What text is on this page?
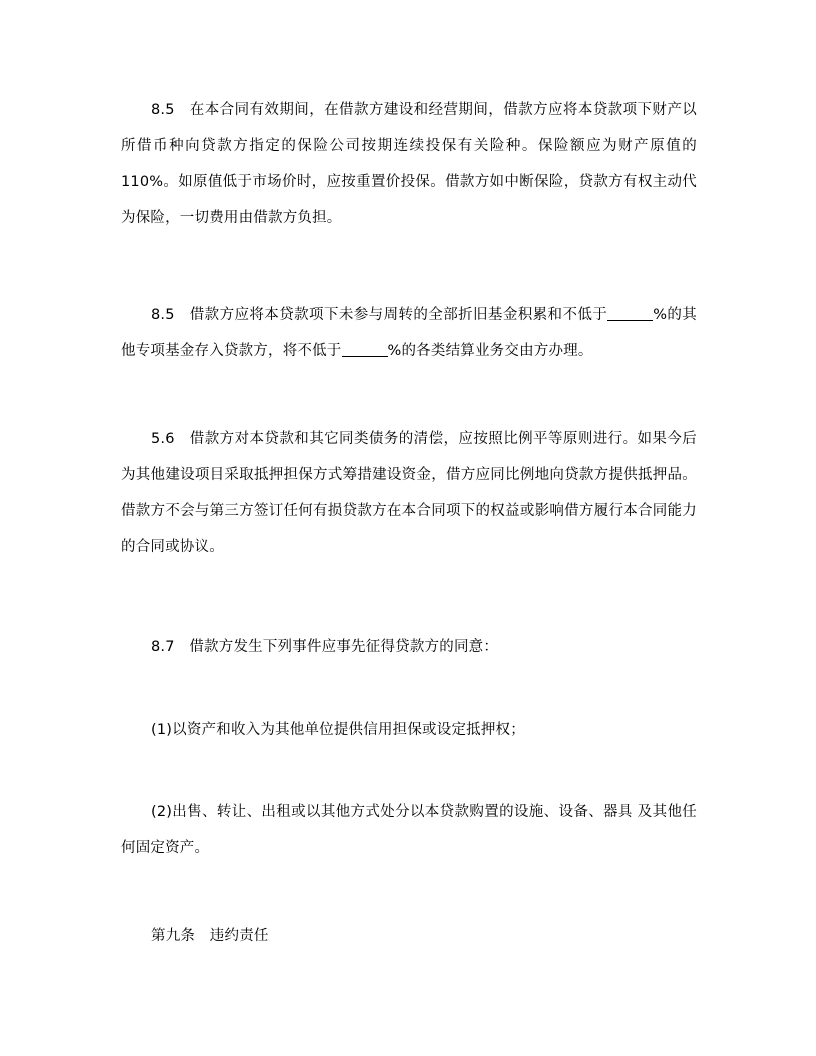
8.5　在本合同有效期间，在借款方建设和经营期间，借款方应将本贷款项下财产以所借币种向贷款方指定的保险公司按期连续投保有关险种。保险额应为财产原值的110%。如原值低于市场价时，应按重置价投保。借款方如中断保险，贷款方有权主动代为保险，一切费用由借款方负担。
8.5　借款方应将本贷款项下未参与周转的全部折旧基金积累和不低于	%的其他专项基金存入贷款方，将不低于	%的各类结算业务交由方办理。
5.6　借款方对本贷款和其它同类债务的清偿，应按照比例平等原则进行。如果今后为其他建设项目采取抵押担保方式筹措建设资金，借方应同比例地向贷款方提供抵押品。借款方不会与第三方签订任何有损贷款方在本合同项下的权益或影响借方履行本合同能力的合同或协议。
8.7　借款方发生下列事件应事先征得贷款方的同意：
(1)以资产和收入为其他单位提供信用担保或设定抵押权；
(2)出售、转让、出租或以其他方式处分以本贷款购置的设施、设备、器具 及其他任何固定资产。
第九条　违约责任
